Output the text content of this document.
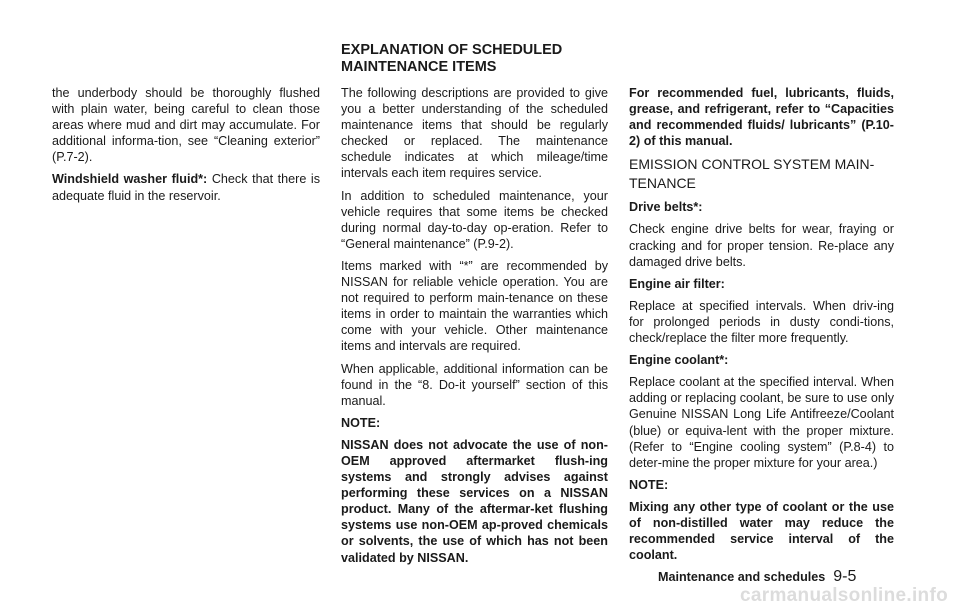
EXPLANATION OF SCHEDULED
MAINTENANCE ITEMS

the underbody should be thoroughly flushed with plain water, being careful to clean those areas where mud and dirt may accumulate. For additional informa-tion, see “Cleaning exterior” (P.7-2).

Windshield washer fluid*: Check that there is adequate fluid in the reservoir.

The following descriptions are provided to give you a better understanding of the scheduled maintenance items that should be regularly checked or replaced. The maintenance schedule indicates at which mileage/time intervals each item requires service.

In addition to scheduled maintenance, your vehicle requires that some items be checked during normal day-to-day op-eration. Refer to “General maintenance” (P.9-2).

Items marked with “*” are recommended by NISSAN for reliable vehicle operation. You are not required to perform main-tenance on these items in order to maintain the warranties which come with your vehicle. Other maintenance items and intervals are required.

When applicable, additional information can be found in the “8. Do-it yourself” section of this manual.

NOTE:

NISSAN does not advocate the use of non-OEM approved aftermarket flush-ing systems and strongly advises against performing these services on a NISSAN product. Many of the aftermar-ket flushing systems use non-OEM ap-proved chemicals or solvents, the use of which has not been validated by NISSAN.

For recommended fuel, lubricants, fluids, grease, and refrigerant, refer to “Capacities and recommended fluids/ lubricants” (P.10-2) of this manual.

EMISSION CONTROL SYSTEM MAIN-
TENANCE

Drive belts*:

Check engine drive belts for wear, fraying or cracking and for proper tension. Re-place any damaged drive belts.

Engine air filter:

Replace at specified intervals. When driv-ing for prolonged periods in dusty condi-tions, check/replace the filter more frequently.

Engine coolant*:

Replace coolant at the specified interval. When adding or replacing coolant, be sure to use only Genuine NISSAN Long Life Antifreeze/Coolant (blue) or equiva-lent with the proper mixture. (Refer to “Engine cooling system” (P.8-4) to deter-mine the proper mixture for your area.)

NOTE:

Mixing any other type of coolant or the use of non-distilled water may reduce the recommended service interval of the coolant.

Maintenance and schedules 9-5
carmanualsonline.info
